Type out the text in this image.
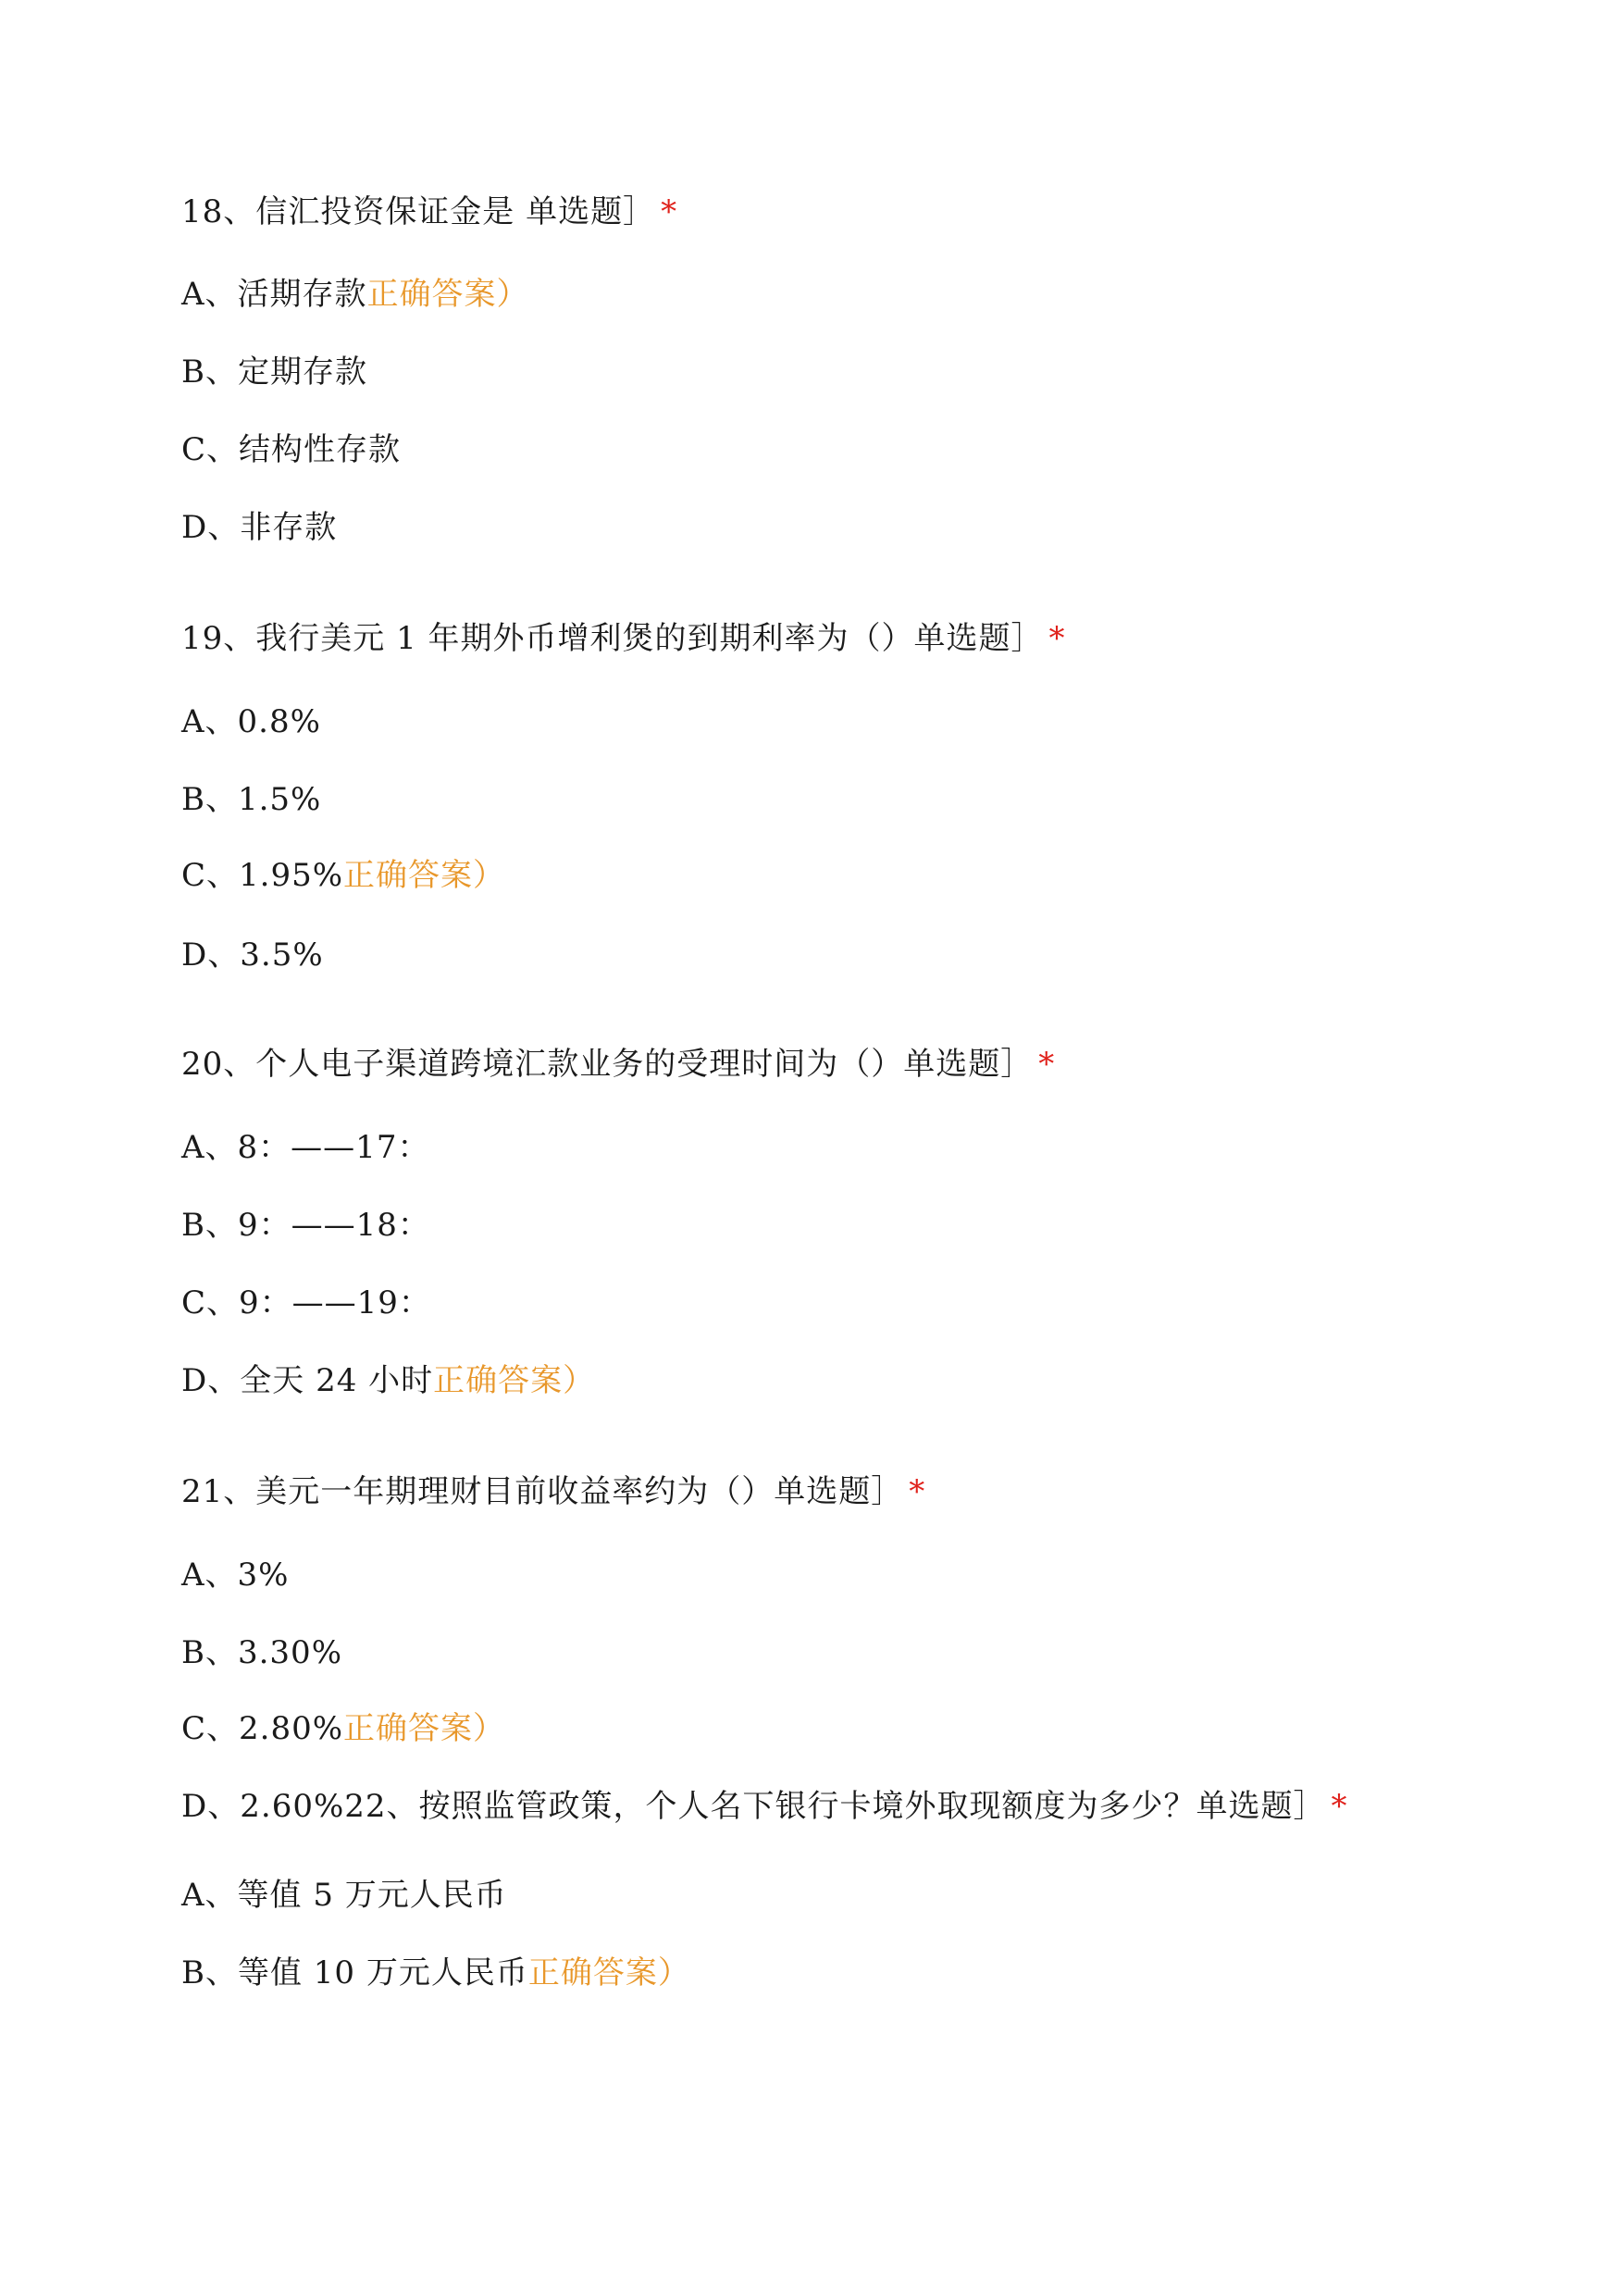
18、信汇投资保证金是 单选题］ *
A、活期存款正确答案）
B、定期存款
C、结构性存款
D、非存款
19、我行美元 1 年期外币增利煲的到期利率为（）单选题］ *
A、0.8%
B、1.5%
C、1.95%正确答案）
D、3.5%
20、个人电子渠道跨境汇款业务的受理时间为（）单选题］ *
A、8：——17：
B、9：——18：
C、9：——19：
D、全天 24 小时正确答案）
21、美元一年期理财目前收益率约为（）单选题］ *
A、3%
B、3.30%
C、2.80%正确答案）
D、2.60%22、按照监管政策，个人名下银行卡境外取现额度为多少？单选题］ *
A、等值 5 万元人民币
B、等值 10 万元人民币正确答案）
